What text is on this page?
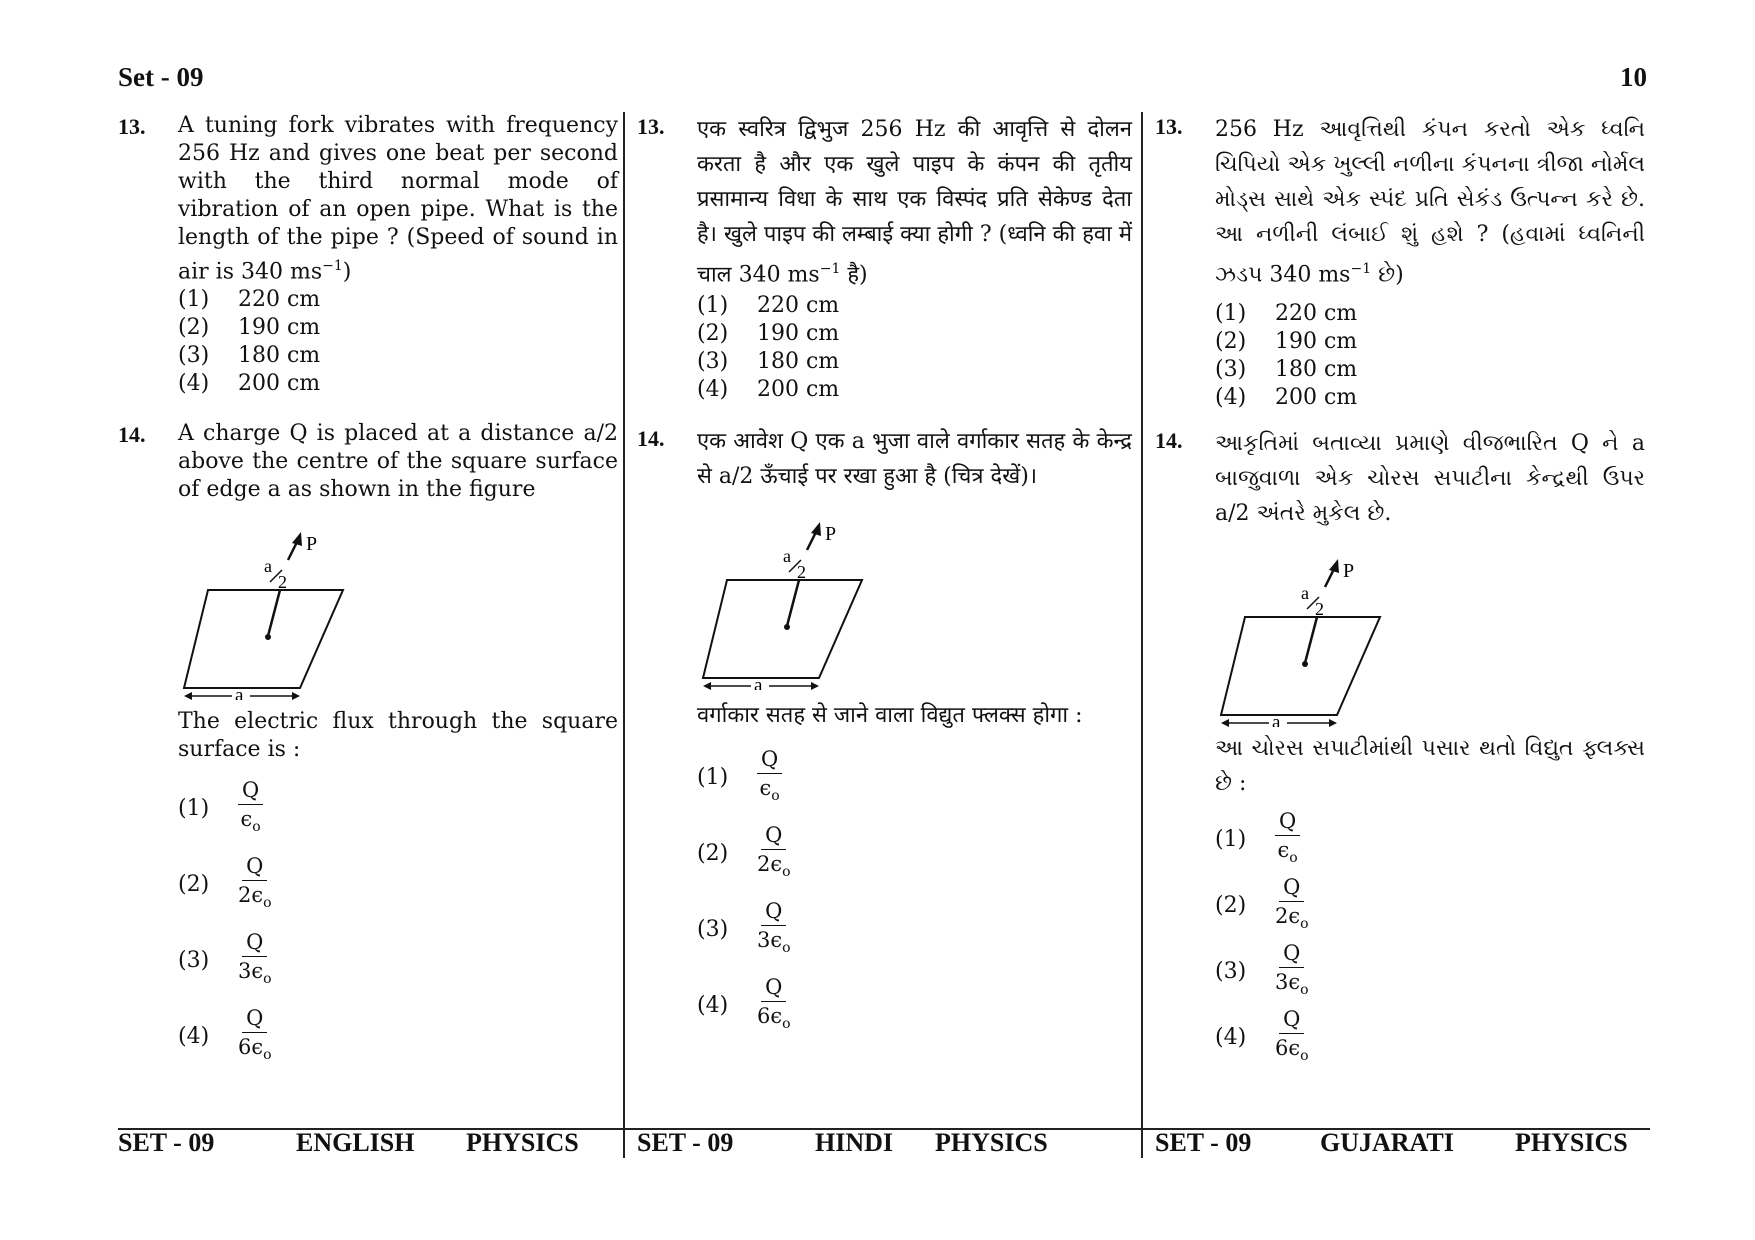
Set - 09	10
13.	A tuning fork vibrates with frequency 256 Hz and gives one beat per second with the third normal mode of vibration of an open pipe. What is the length of the pipe ? (Speed of sound in air is 340 $ms^{-1}$)
(1)	220 cm
(2)	190 cm
(3)	180 cm
(4)	200 cm
14.	A charge Q is placed at a distance a/2 above the centre of the square surface of edge a as shown in the figure
P
a
2
a
The electric flux through the square surface is :
(1)	$\frac{Q}{\epsilon_o}$
(2)	$\frac{Q}{2\epsilon_o}$
(3)	$\frac{Q}{3\epsilon_o}$
(4)	$\frac{Q}{6\epsilon_o}$
13.	एक स्वरित्र द्विभुज 256 Hz की आवृत्ति से दोलन करता है और एक खुले पाइप के कंपन की तृतीय प्रसामान्य विधा के साथ एक विस्पंद प्रति सेकेण्ड देता है। खुले पाइप की लम्बाई क्या होगी ? (ध्वनि की हवा में चाल 340 $ms^{-1}$ है)
(1)	220 cm
(2)	190 cm
(3)	180 cm
(4)	200 cm
14.	एक आवेश Q एक a भुजा वाले वर्गाकार सतह के केन्द्र से a/2 ऊँचाई पर रखा हुआ है (चित्र देखें)।
P
a
2
a
वर्गाकार सतह से जाने वाला विद्युत फ्लक्स होगा :
(1)	$\frac{Q}{\epsilon_o}$
(2)	$\frac{Q}{2\epsilon_o}$
(3)	$\frac{Q}{3\epsilon_o}$
(4)	$\frac{Q}{6\epsilon_o}$
13.	256 Hz આવૃત્તિથી કંપન કરતો એક ધ્વનિ ચિપિયો એક ખુલ્લી નળીના કંપનના ત્રીજા નોર્મલ મોડ્સ સાથે એક સ્પંદ પ્રતિ સેકંડ ઉત્પન્ન કરે છે. આ નળીની લંબાઈ શું હશે ? (હવામાં ધ્વનિની ઝડપ 340 $ms^{-1}$ છે)
(1)	220 cm
(2)	190 cm
(3)	180 cm
(4)	200 cm
14.	આકૃતિમાં બતાવ્યા પ્રમાણે વીજભારિત Q ને a બાજુવાળા એક ચોરસ સપાટીના કેન્દ્રથી ઉપર a/2 અંતરે મુકેલ છે.
P
a
2
a
આ ચોરસ સપાટીમાંથી પસાર થતો વિદ્યુત ફ્લક્સ છે :
(1)	$\frac{Q}{\epsilon_o}$
(2)	$\frac{Q}{2\epsilon_o}$
(3)	$\frac{Q}{3\epsilon_o}$
(4)	$\frac{Q}{6\epsilon_o}$
SET - 09	ENGLISH PHYSICS SET - 09	HINDI PHYSICS	SET - 09	GUJARATI PHYSICS
